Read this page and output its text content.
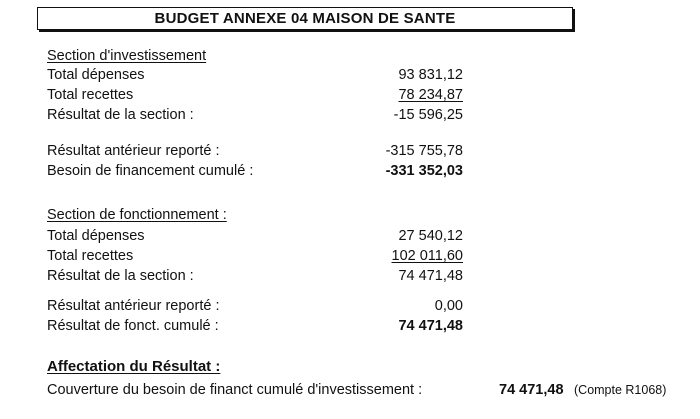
BUDGET ANNEXE 04 MAISON DE SANTE
Section d'investissement
Total dépenses	93 831,12
Total recettes	78 234,87
Résultat de la section :	-15 596,25
Résultat antérieur reporté :	-315 755,78
Besoin de financement cumulé :	-331 352,03
Section de fonctionnement :
Total dépenses	27 540,12
Total recettes	102 011,60
Résultat de la section :	74 471,48
Résultat antérieur reporté :	0,00
Résultat de fonct. cumulé :	74 471,48
Affectation du Résultat :
Couverture du besoin de financt cumulé d'investissement :	74 471,48 (Compte R1068)
